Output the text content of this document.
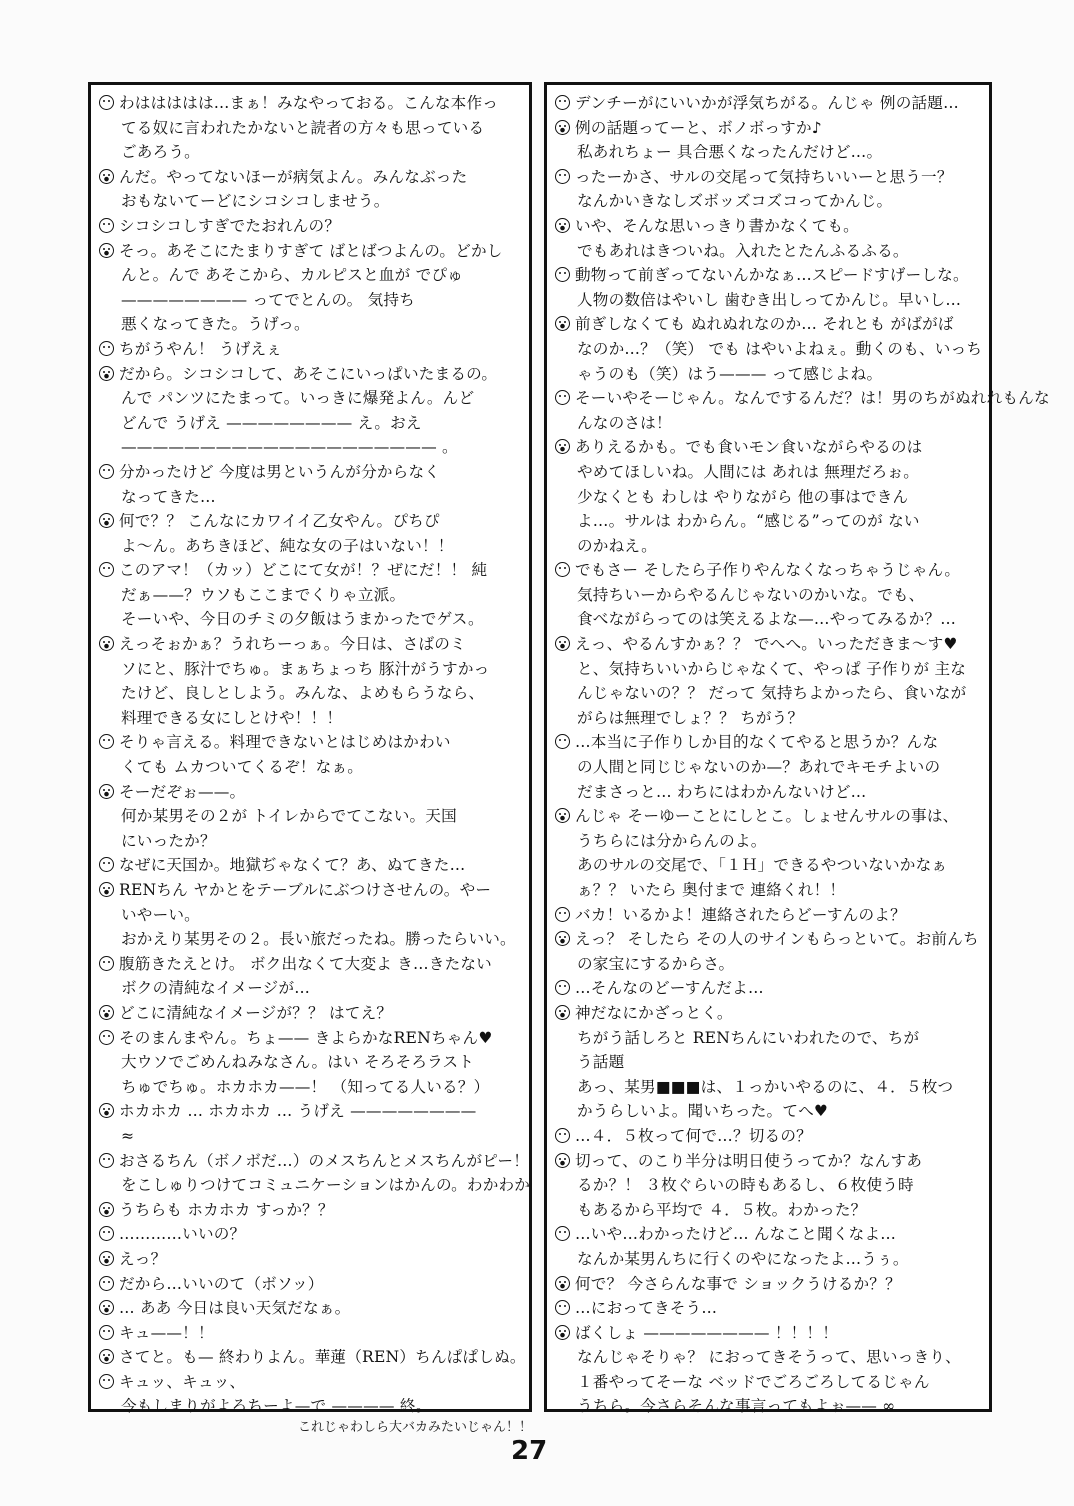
わははははは…まぁ！みなやっておる。こんな本作っ
てる奴に言われたかないと読者の方々も思っている
ごあろう。
んだ。やってないほーが病気よん。みんなぶった
おもないてーどにシコシコしませう。
シコシコしすぎでたおれんの？
そっ。あそこにたまりすぎて ばとばつよんの。どかし
んと。んで あそこから、カルピスと血が でぴゅ
———————— ってでとんの。 気持ち
悪くなってきた。うげっ。
ちがうやん！ うげえぇ
だから。シコシコして、あそこにいっぱいたまるの。
んで パンツにたまって。いっきに爆発よん。んど
どんで うげえ ———————— え。おえ
———————————————————— 。
分かったけど 今度は男というんが分からなく
なってきた…
何で？？ こんなにカワイイ乙女やん。ぴちぴ
よ～ん。あちきほど、純な女の子はいない！！
このアマ！（カッ）どこにて女が！？ぜにだ！！ 純
だぁ——？ウソもここまでくりゃ立派。
そーいや、今日のチミの夕飯はうまかったでゲス。
えっそぉかぁ？うれちーっぁ。今日は、さばのミ
ソにと、豚汁でちゅ。まぁちょっち 豚汁がうすかっ
たけど、良しとしよう。みんな、よめもらうなら、
料理できる女にしとけや！！！
そりゃ言える。料理できないとはじめはかわい
くても ムカついてくるぞ！なぁ。
そーだぞぉ——。
何か某男その２が トイレからでてこない。天国
にいったか？
なぜに天国か。地獄ぢゃなくて？あ、ぬてきた…
RENちん ヤかとをテーブルにぶつけさせんの。やー
いやーい。
おかえり某男その２。長い旅だったね。勝ったらいい。
腹筋きたえとけ。 ボク出なくて大変よ き…きたない
ボクの清純なイメージが…
どこに清純なイメージが？？ はてえ？
そのまんまやん。ちょ—— きよらかなRENちゃん♥
大ウソでごめんねみなさん。はい そろそろラスト
ちゅでちゅ。ホカホカ——！ （知ってる人いる？）
ホカホカ … ホカホカ … うげえ ————————
≈
おさるちん（ボノボだ…）のメスちんとメスちんがピー！
をこしゅりつけてコミュニケーションはかんの。わかわか
うちらも ホカホカ すっか？？
…………いいの？
えっ？
だから…いいのて（ボソッ）
… ああ 今日は良い天気だなぁ。
キュ——！！
さてと。も— 終わりよん。華蓮（REN）ちんぱぱしぬ。
キュッ、キュッ、
今もしまりがよろちーよ—で ———— 終。
デンチーがにいいかが浮気ちがる。んじゃ 例の話題…
例の話題ってーと、ボノボっすか♪
私あれちょー 具合悪くなったんだけど…。
ったーかさ、サルの交尾って気持ちいいーと思う一？
なんかいきなしズボッズコズコってかんじ。
いや、そんな思いっきり書かなくても。
でもあれはきついね。入れたとたんふるふる。
動物って前ぎってないんかなぁ…スピードすげーしな。
人物の数倍はやいし 歯むき出しってかんじ。早いし…
前ぎしなくても ぬれぬれなのか… それとも がばがば
なのか…？（笑） でも はやいよねぇ。動くのも、いっち
ゃうのも（笑）はう——— って感じよね。
そーいやそーじゃん。なんでするんだ？は！男のちがぬれれもんな
んなのさは！
ありえるかも。でも食いモン食いながらやるのは
やめてほしいね。人間には あれは 無理だろぉ。
少なくとも わしは やりながら 他の事はできん
よ…。サルは わからん。“感じる”ってのが ない
のかねえ。
でもさー そしたら子作りやんなくなっちゃうじゃん。
気持ちいーからやるんじゃないのかいな。でも、
食べながらってのは笑えるよな—…やってみるか？…
えっ、やるんすかぁ？？ でへへ。いっただきま～す♥
と、気持ちいいからじゃなくて、やっぱ 子作りが 主な
んじゃないの？？ だって 気持ちよかったら、食いなが
がらは無理でしょ？？ ちがう？
…本当に子作りしか目的なくてやると思うか？んな
の人間と同じじゃないのか—？あれでキモチよいの
だまさっと… わちにはわかんないけど…
んじゃ そーゆーことにしとこ。しょせんサルの事は、
うちらには分からんのよ。
あのサルの交尾で、「１Ｈ」できるやついないかなぁ
ぁ？？ いたら 奥付まで 連絡くれ！！
バカ！いるかよ！連絡されたらどーすんのよ？
えっ？ そしたら その人のサインもらっといて。お前んち
の家宝にするからさ。
…そんなのどーすんだよ…
神だなにかざっとく。
ちがう話しろと RENちんにいわれたので、ちが
う話題
あっ、某男■■■は、１っかいやるのに、４．５枚つ
かうらしいよ。聞いちった。てへ♥
…４．５枚って何で…？切るの？
切って、のこり半分は明日使うってか？なんすあ
るか？！ ３枚ぐらいの時もあるし、６枚使う時
もあるから平均で ４．５枚。わかった？
…いや…わかったけど… んなこと聞くなよ…
なんか某男んちに行くのやになったよ…うぅ。
何で？ 今さらんな事で ショックうけるか？？
…におってきそう…
ばくしょ ———————— ！！！！
なんじゃそりゃ？ におってきそうって、思いっきり、
１番やってそーな ベッドでごろごろしてるじゃん
うちら。今さらそんな事言ってもよぉ—— ∞
これじゃわしら大バカみたいじゃん！！
27
